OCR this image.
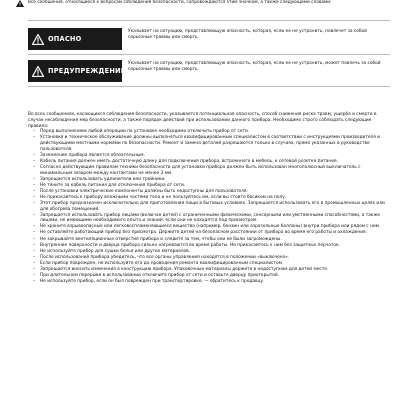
Все сообщения, относящиеся к вопросам соблюдения безопасности, сопровождаются этим значком, а также следующими словами:
ОПАСНО
Указывает на ситуацию, представляющую опасность, которая, если ее не устранить, повлечет за собой серьезные травмы или смерть.
ПРЕДУПРЕЖДЕНИЕ
Указывает на ситуацию, представляющую опасность, которая, если ее не устранить, может повлечь за собой серьезные травмы или смерть.

Во всех сообщениях, касающихся соблюдения безопасности, указывается потенциальная опасность, способ снижения риска травм, ущерба и смерти в случае несоблюдения мер безопасности, а также порядок действий при использовании данного прибора. Необходимо строго соблюдать следующие правила:

– Перед выполнением любой операции по установке необходимо отключить прибор от сети.
– Установка и техническое обслуживание должны выполняться квалифицированным специалистом в соответствии с инструкциями производителя и действующими местными нормами по безопасности. Ремонт и замена деталей разрешаются только в случаях, прямо указанных в руководстве пользователя.
– Заземление прибора является обязательным.
– Кабель питания должен иметь достаточную длину для подключения прибора, встроенного в мебель, к сетевой розетке питания.
– Согласно действующим правилам техники безопасности для установки прибора должен быть использован многополюсный выключатель с минимальным зазором между контактами не менее 3 мм.
– Запрещается использовать удлинители или тройники.
– Не тяните за кабель питания для отключения прибора от сети.
– После установки электрические компоненты должны быть недоступны для пользователя.
– Не прикасайтесь к прибору влажными частями тела и не пользуйтесь им, если вы стоите босиком на полу.
– Этот прибор предназначен исключительно для приготовления пищи в бытовых условиях. Запрещается использовать его в промышленных целях или для обогрева помещений.
– Запрещается использовать прибор лицами (включая детей) с ограниченными физическими, сенсорными или умственными способностями, а также лицами, не имеющими необходимого опыта и знаний, если они не находятся под присмотром.
– Не храните взрывоопасные или легковоспламеняющиеся вещества (например, бензин или аэрозольные баллоны) внутри прибора или рядом с ним.
– Не оставляйте работающий прибор без присмотра. Держите детей на безопасном расстоянии от прибора во время его работы и охлаждения.
– Не закрывайте вентиляционные отверстия прибора и следите за тем, чтобы они не были загромождены.
– Внутренние поверхности и дверца прибора сильно нагреваются во время работы. Не прикасайтесь к ним без защитных перчаток.
– Не используйте прибор для сушки белья или других материалов.
– После использования прибора убедитесь, что все органы управления находятся в положении «выключено».
– Если прибор поврежден, не используйте его до проведения ремонта квалифицированным специалистом.
– Запрещается вносить изменения в конструкцию прибора. Упаковочные материалы держите в недоступном для детей месте.
– При длительном перерыве в использовании отключите прибор от сети и оставьте дверцу приоткрытой.
– Не используйте прибор, если он был поврежден при транспортировке, — обратитесь к продавцу.
